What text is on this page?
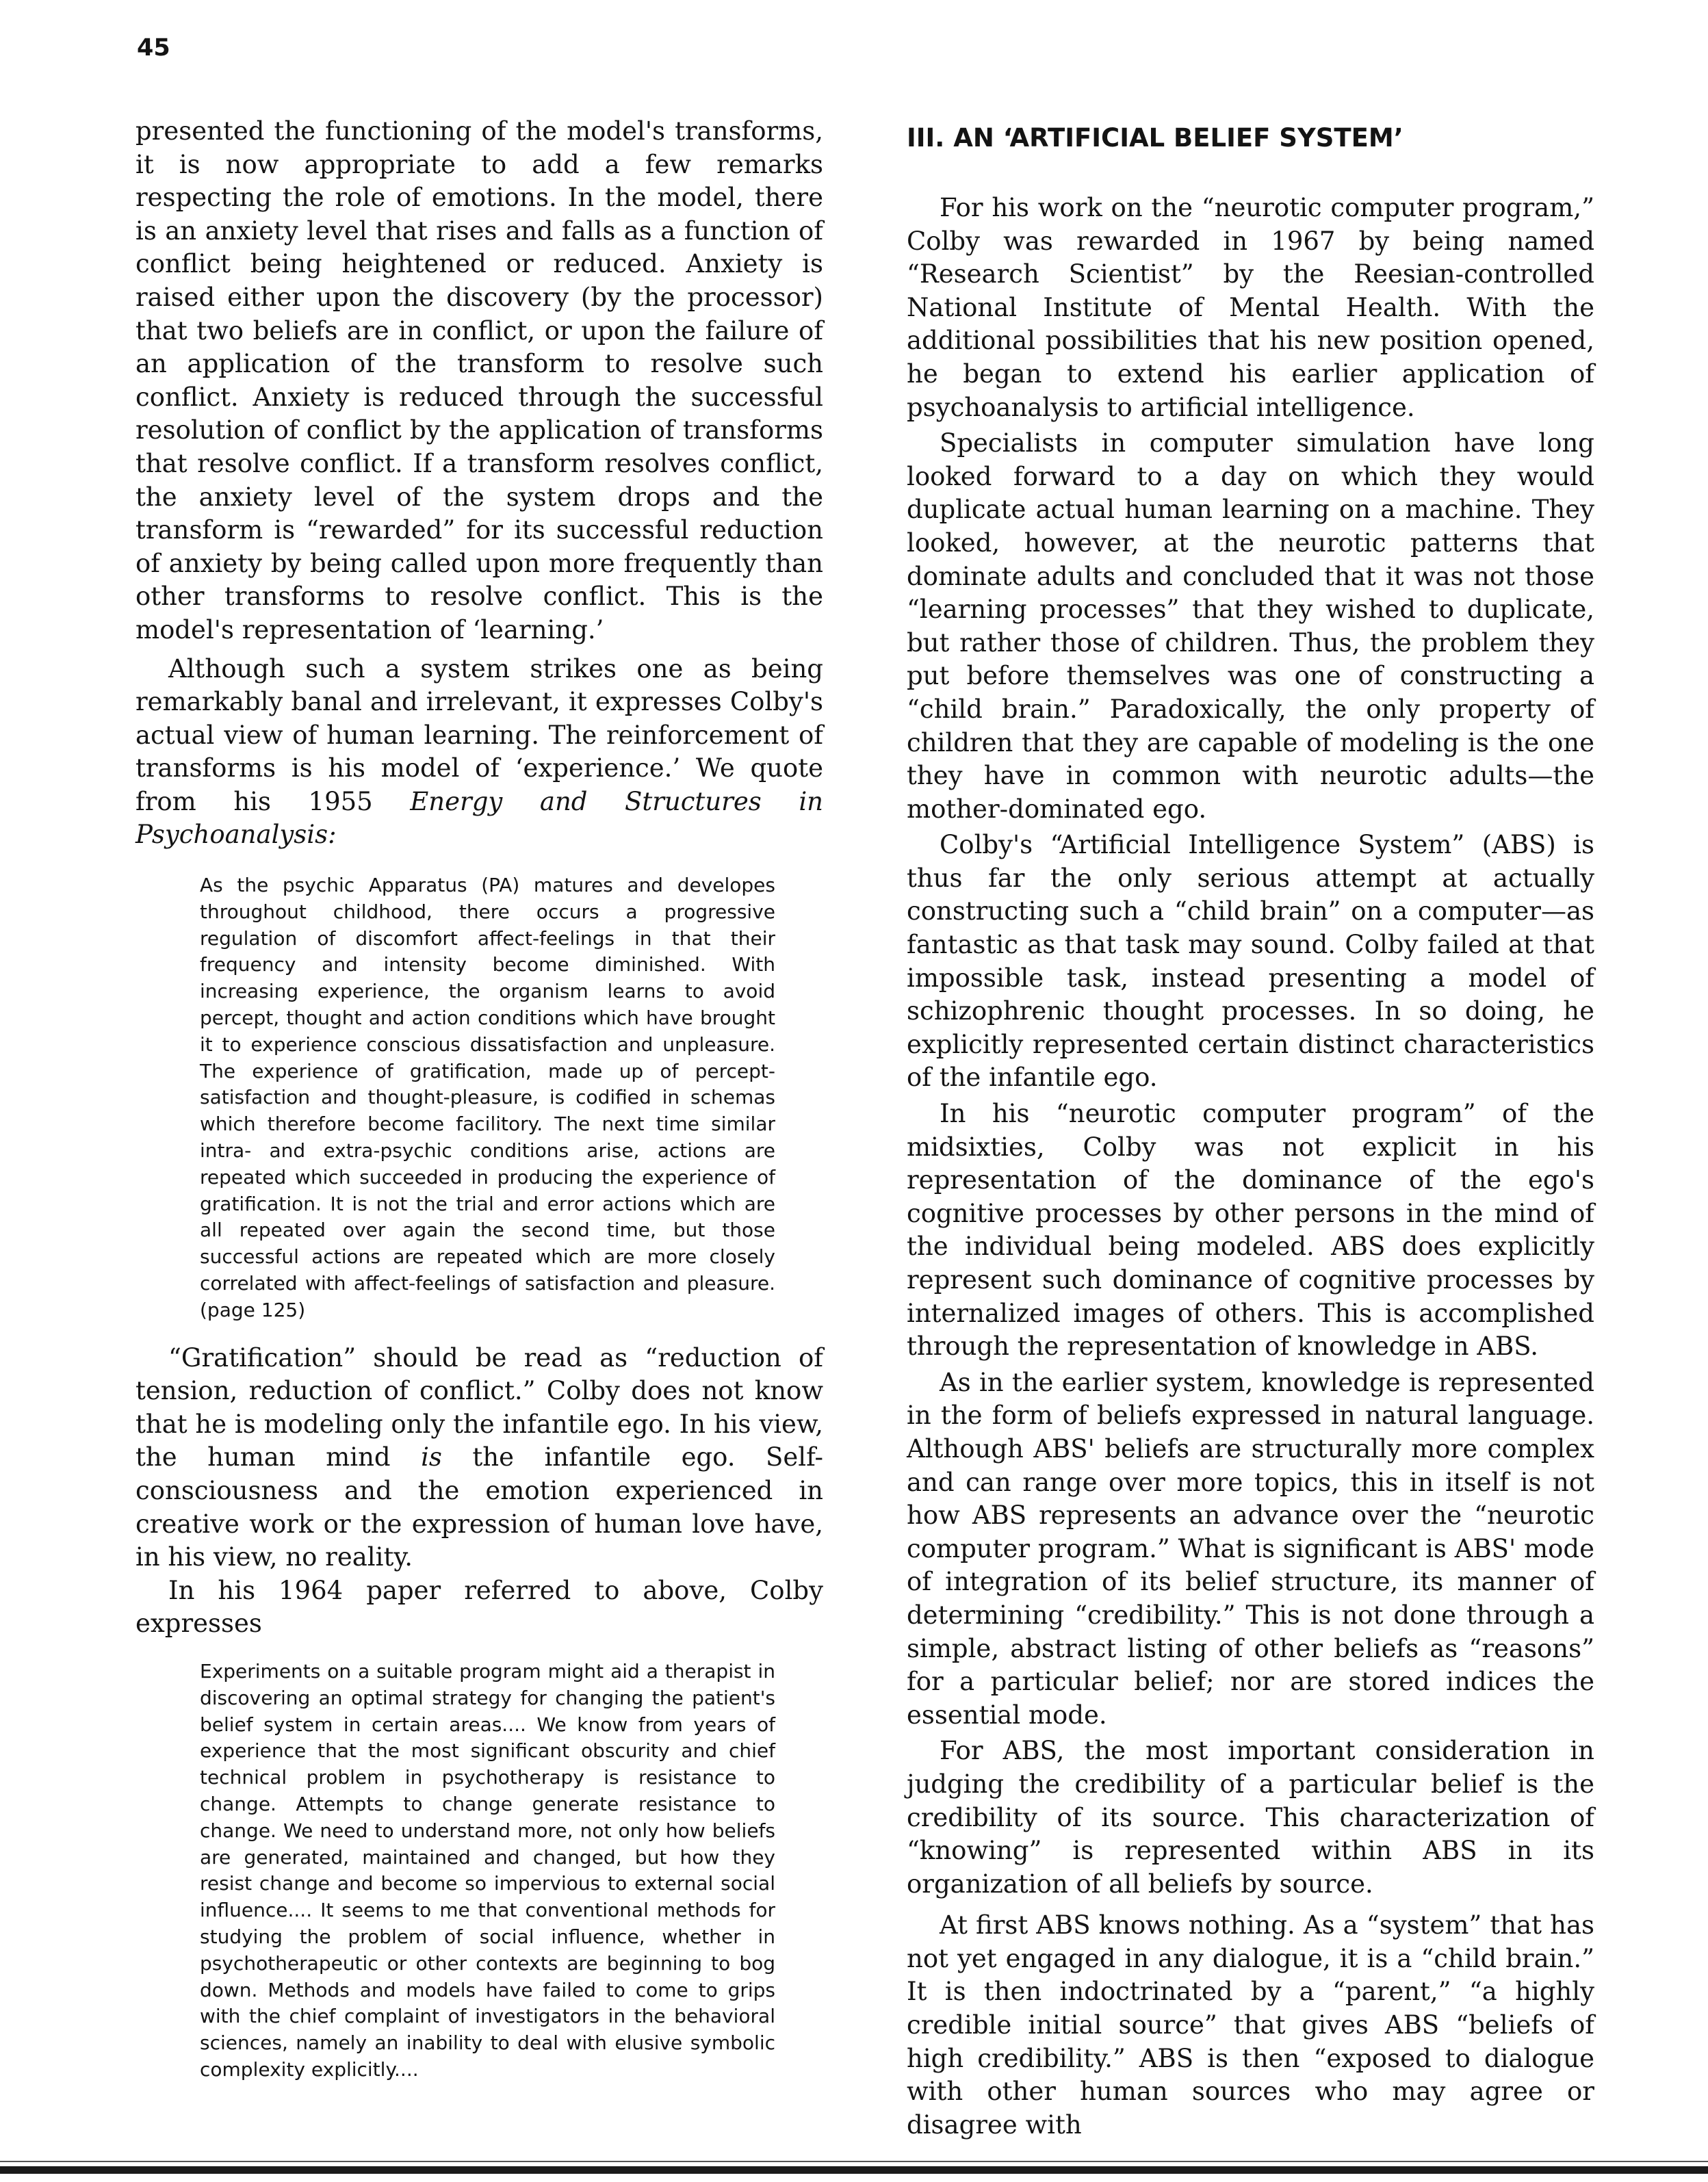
45

presented the functioning of the model's transforms, it is now appropriate to add a few remarks respecting the role of emotions. In the model, there is an anxiety level that rises and falls as a function of conflict being heightened or reduced. Anxiety is raised either upon the discovery (by the processor) that two beliefs are in conflict, or upon the failure of an application of the transform to resolve such conflict. Anxiety is reduced through the successful resolution of conflict by the application of transforms that resolve conflict. If a transform resolves conflict, the anxiety level of the system drops and the transform is “rewarded” for its successful reduction of anxiety by being called upon more frequently than other transforms to resolve conflict. This is the model's representation of ‘learning.’

Although such a system strikes one as being remarkably banal and irrelevant, it expresses Colby's actual view of human learning. The reinforcement of transforms is his model of ‘experience.’ We quote from his 1955 Energy and Structures in Psychoanalysis:

As the psychic Apparatus (PA) matures and developes throughout childhood, there occurs a progressive regulation of discomfort affect-feelings in that their frequency and intensity become diminished. With increasing experience, the organism learns to avoid percept, thought and action conditions which have brought it to experience conscious dissatisfaction and unpleasure. The experience of gratification, made up of percept-satisfaction and thought-pleasure, is codified in schemas which therefore become facilitory. The next time similar intra- and extra-psychic conditions arise, actions are repeated which succeeded in producing the experience of gratification. It is not the trial and error actions which are all repeated over again the second time, but those successful actions are repeated which are more closely correlated with affect-feelings of satisfaction and pleasure. (page 125)

“Gratification” should be read as “reduction of tension, reduction of conflict.” Colby does not know that he is modeling only the infantile ego. In his view, the human mind is the infantile ego. Self-consciousness and the emotion experienced in creative work or the expression of human love have, in his view, no reality.

In his 1964 paper referred to above, Colby expresses

Experiments on a suitable program might aid a therapist in discovering an optimal strategy for changing the patient's belief system in certain areas.... We know from years of experience that the most significant obscurity and chief technical problem in psychotherapy is resistance to change. Attempts to change generate resistance to change. We need to understand more, not only how beliefs are generated, maintained and changed, but how they resist change and become so impervious to external social influence.... It seems to me that conventional methods for studying the problem of social influence, whether in psychotherapeutic or other contexts are beginning to bog down. Methods and models have failed to come to grips with the chief complaint of investigators in the behavioral sciences, namely an inability to deal with elusive symbolic complexity explicitly....

III. AN ‘ARTIFICIAL BELIEF SYSTEM’

For his work on the “neurotic computer program,” Colby was rewarded in 1967 by being named “Research Scientist” by the Reesian-controlled National Institute of Mental Health. With the additional possibilities that his new position opened, he began to extend his earlier application of psychoanalysis to artificial intelligence.

Specialists in computer simulation have long looked forward to a day on which they would duplicate actual human learning on a machine. They looked, however, at the neurotic patterns that dominate adults and concluded that it was not those “learning processes” that they wished to duplicate, but rather those of children. Thus, the problem they put before themselves was one of constructing a “child brain.” Paradoxically, the only property of children that they are capable of modeling is the one they have in common with neurotic adults—the mother-dominated ego.

Colby's “Artificial Intelligence System” (ABS) is thus far the only serious attempt at actually constructing such a “child brain” on a computer—as fantastic as that task may sound. Colby failed at that impossible task, instead presenting a model of schizophrenic thought processes. In so doing, he explicitly represented certain distinct characteristics of the infantile ego.

In his “neurotic computer program” of the midsixties, Colby was not explicit in his representation of the dominance of the ego's cognitive processes by other persons in the mind of the individual being modeled. ABS does explicitly represent such dominance of cognitive processes by internalized images of others. This is accomplished through the representation of knowledge in ABS.

As in the earlier system, knowledge is represented in the form of beliefs expressed in natural language. Although ABS' beliefs are structurally more complex and can range over more topics, this in itself is not how ABS represents an advance over the “neurotic computer program.” What is significant is ABS' mode of integration of its belief structure, its manner of determining “credibility.” This is not done through a simple, abstract listing of other beliefs as “reasons” for a particular belief; nor are stored indices the essential mode.

For ABS, the most important consideration in judging the credibility of a particular belief is the credibility of its source. This characterization of “knowing” is represented within ABS in its organization of all beliefs by source.

At first ABS knows nothing. As a “system” that has not yet engaged in any dialogue, it is a “child brain.” It is then indoctrinated by a “parent,” “a highly credible initial source” that gives ABS “beliefs of high credibility.” ABS is then “exposed to dialogue with other human sources who may agree or disagree with
